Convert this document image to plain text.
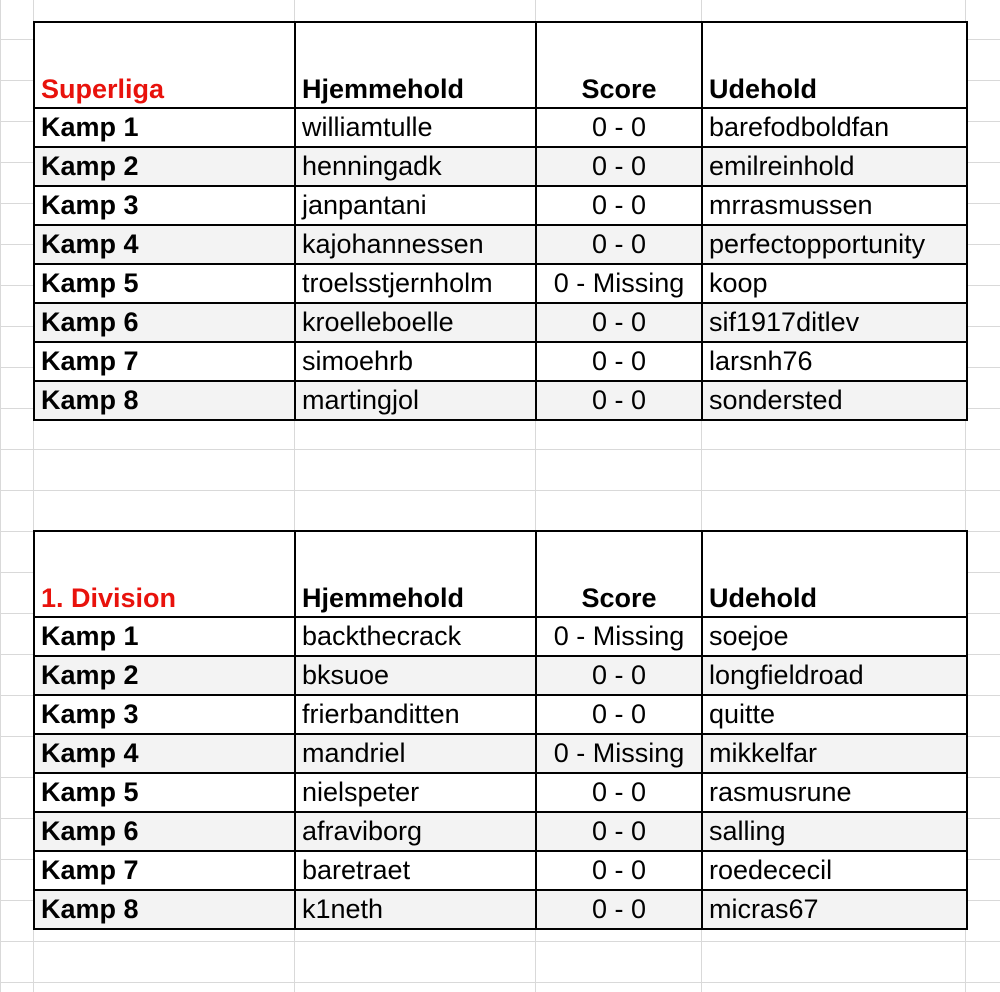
Superliga	Hjemmehold	Score	Udehold
Kamp 1	williamtulle	0 - 0	barefodboldfan
Kamp 2	henningadk	0 - 0	emilreinhold
Kamp 3	janpantani	0 - 0	mrrasmussen
Kamp 4	kajohannessen	0 - 0	perfectopportunity
Kamp 5	troelsstjernholm	0 - Missing	koop
Kamp 6	kroelleboelle	0 - 0	sif1917ditlev
Kamp 7	simoehrb	0 - 0	larsnh76
Kamp 8	martingjol	0 - 0	sondersted
1. Division	Hjemmehold	Score	Udehold
Kamp 1	backthecrack	0 - Missing	soejoe
Kamp 2	bksuoe	0 - 0	longfieldroad
Kamp 3	frierbanditten	0 - 0	quitte
Kamp 4	mandriel	0 - Missing	mikkelfar
Kamp 5	nielspeter	0 - 0	rasmusrune
Kamp 6	afraviborg	0 - 0	salling
Kamp 7	baretraet	0 - 0	roedececil
Kamp 8	k1neth	0 - 0	micras67
